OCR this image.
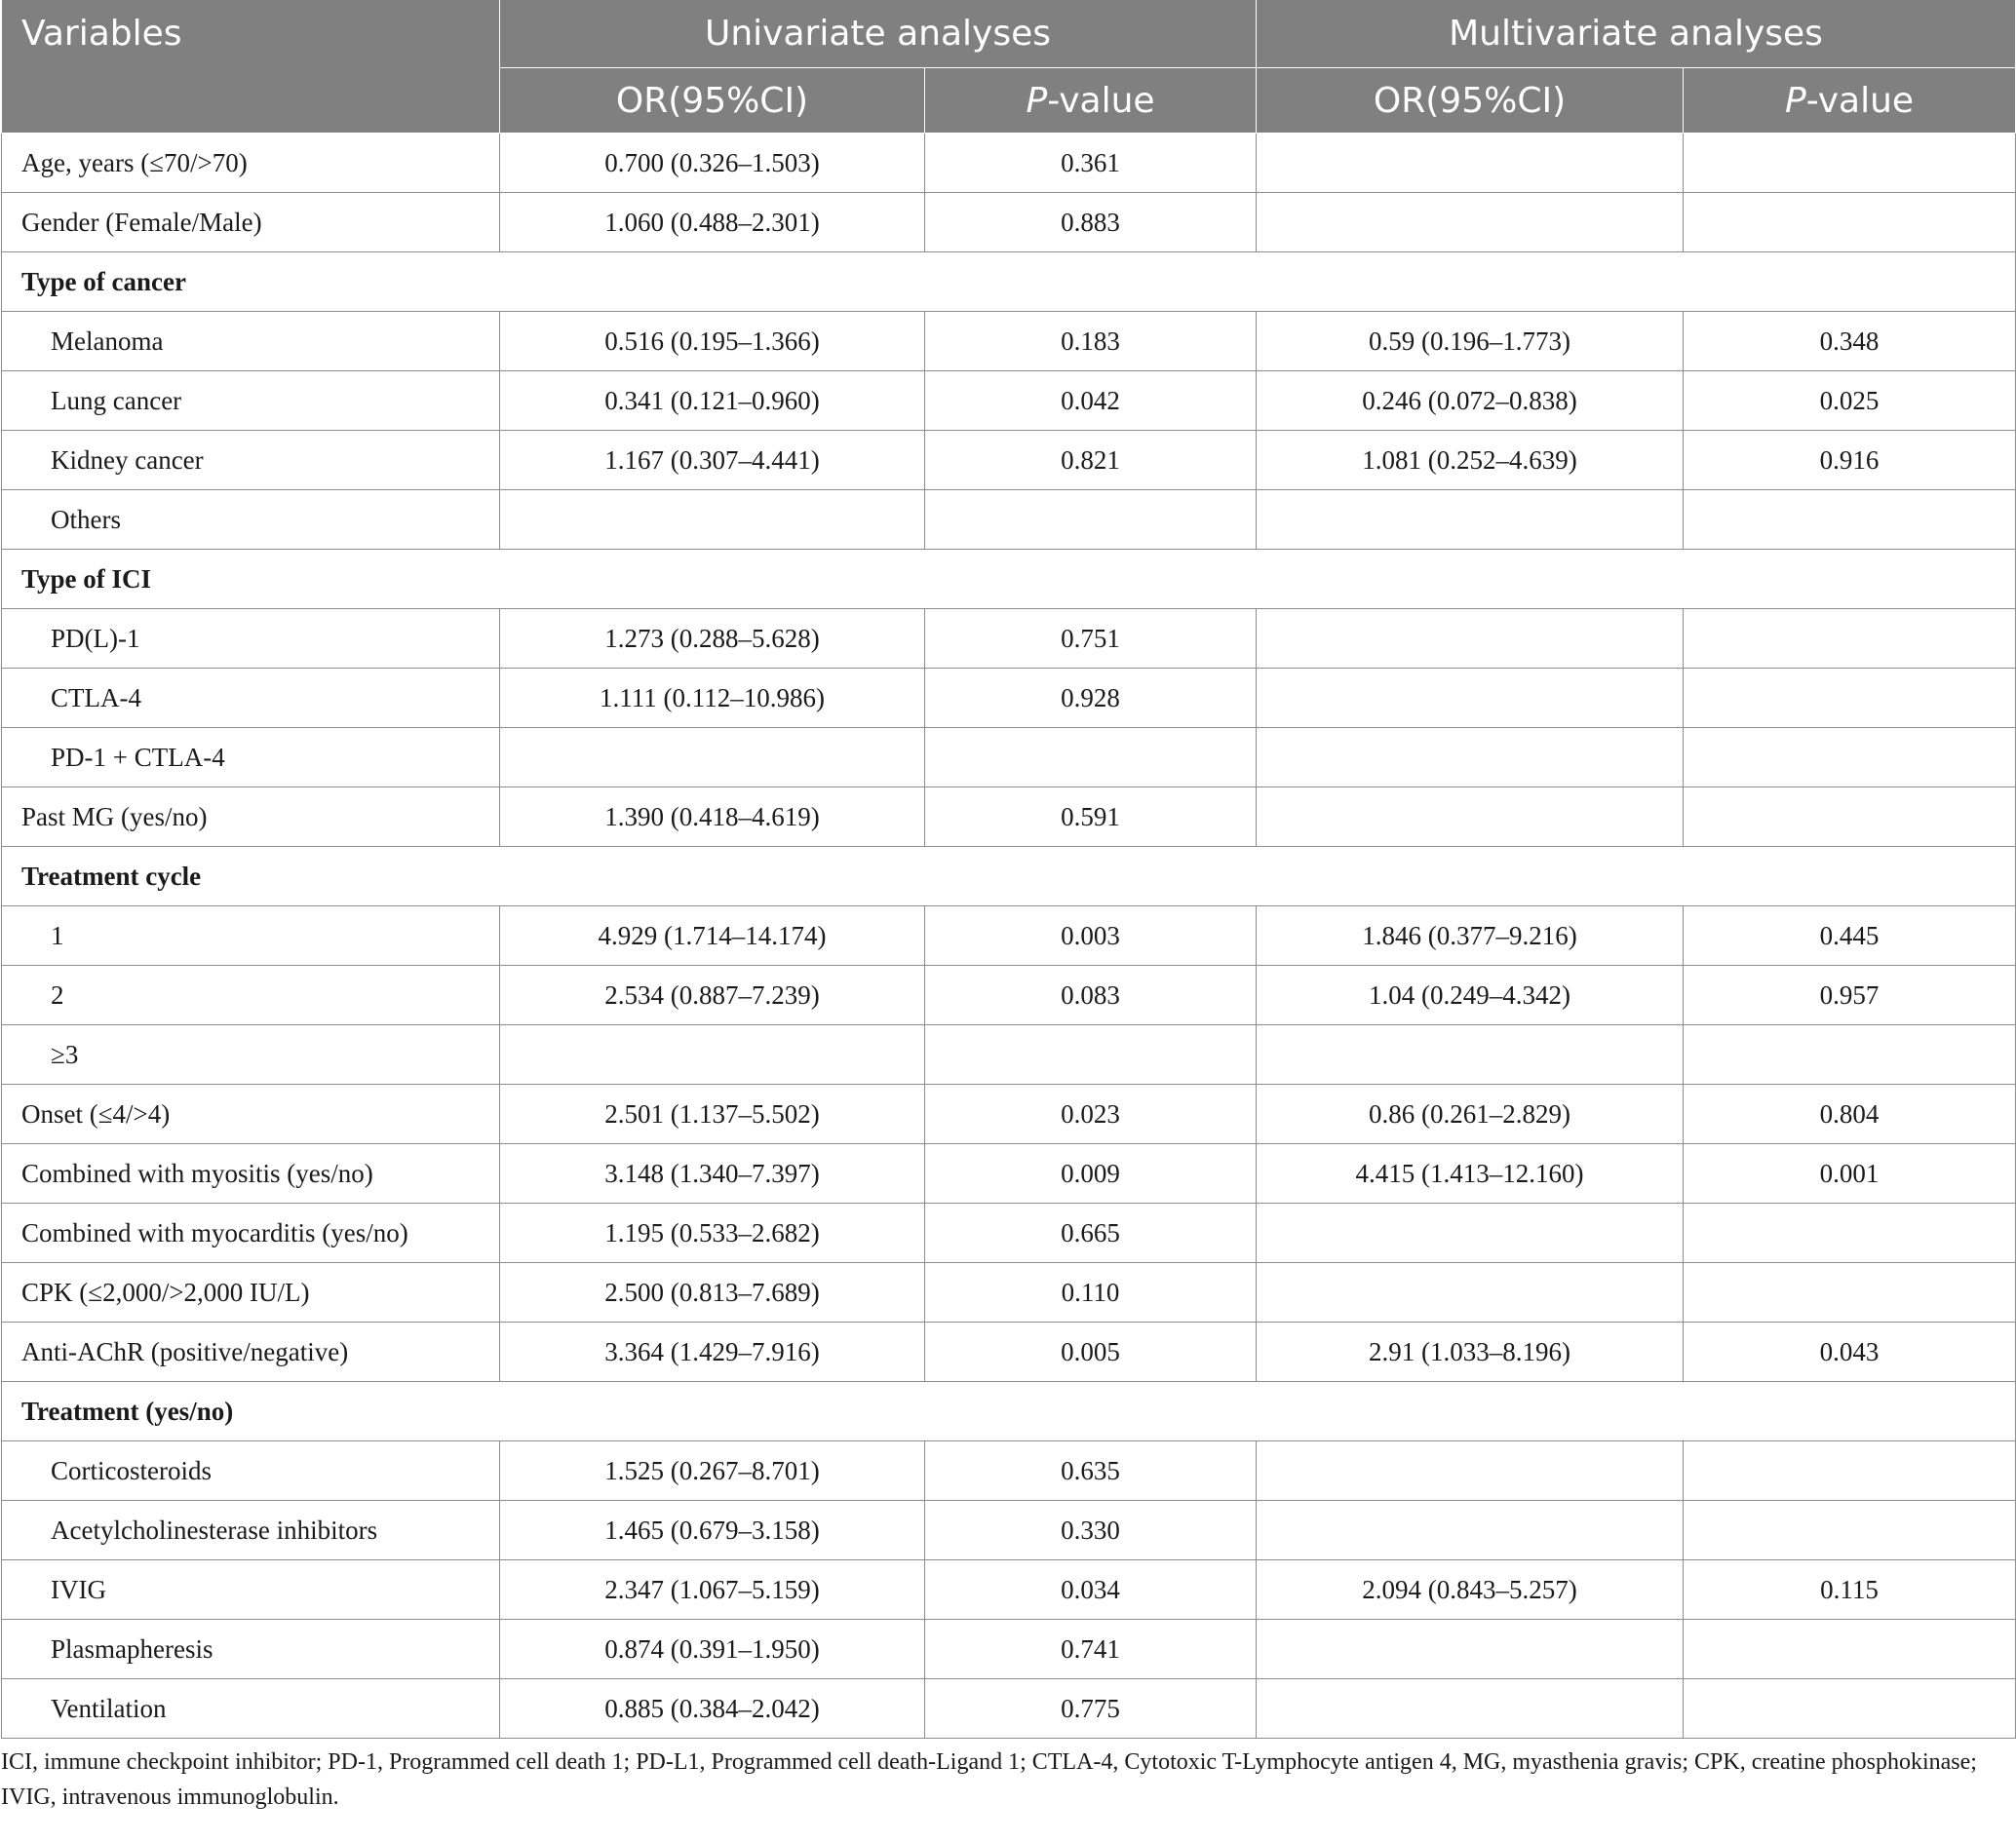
Variables	Univariate analyses		Multivariate analyses	
	OR(95%CI)	P-value	OR(95%CI)	P-value
Age, years (≤70/>70)	0.700 (0.326–1.503)	0.361		
Gender (Female/Male)	1.060 (0.488–2.301)	0.883		
Type of cancer				
Melanoma	0.516 (0.195–1.366)	0.183	0.59 (0.196–1.773)	0.348
Lung cancer	0.341 (0.121–0.960)	0.042	0.246 (0.072–0.838)	0.025
Kidney cancer	1.167 (0.307–4.441)	0.821	1.081 (0.252–4.639)	0.916
Others				
Type of ICI				
PD(L)-1	1.273 (0.288–5.628)	0.751		
CTLA-4	1.111 (0.112–10.986)	0.928		
PD-1 + CTLA-4				
Past MG (yes/no)	1.390 (0.418–4.619)	0.591		
Treatment cycle				
1	4.929 (1.714–14.174)	0.003	1.846 (0.377–9.216)	0.445
2	2.534 (0.887–7.239)	0.083	1.04 (0.249–4.342)	0.957
≥3				
Onset (≤4/>4)	2.501 (1.137–5.502)	0.023	0.86 (0.261–2.829)	0.804
Combined with myositis (yes/no)	3.148 (1.340–7.397)	0.009	4.415 (1.413–12.160)	0.001
Combined with myocarditis (yes/no)	1.195 (0.533–2.682)	0.665		
CPK (≤2,000/>2,000 IU/L)	2.500 (0.813–7.689)	0.110		
Anti-AChR (positive/negative)	3.364 (1.429–7.916)	0.005	2.91 (1.033–8.196)	0.043
Treatment (yes/no)				
Corticosteroids	1.525 (0.267–8.701)	0.635		
Acetylcholinesterase inhibitors	1.465 (0.679–3.158)	0.330		
IVIG	2.347 (1.067–5.159)	0.034	2.094 (0.843–5.257)	0.115
Plasmapheresis	0.874 (0.391–1.950)	0.741		
Ventilation	0.885 (0.384–2.042)	0.775		
ICI, immune checkpoint inhibitor; PD-1, Programmed cell death 1; PD-L1, Programmed cell death-Ligand 1; CTLA-4, Cytotoxic T-Lymphocyte antigen 4, MG, myasthenia gravis; CPK, creatine phosphokinase; IVIG, intravenous immunoglobulin.
